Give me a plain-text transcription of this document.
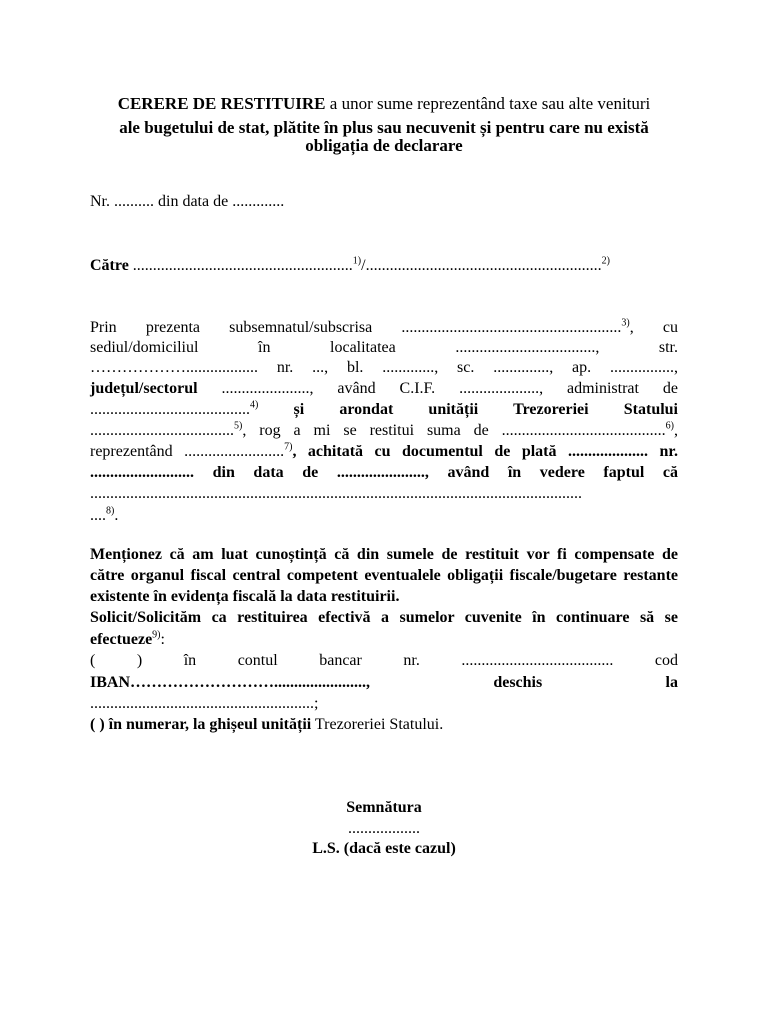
CERERE DE RESTITUIRE a unor sume reprezentând taxe sau alte venituri
ale bugetului de stat, plătite în plus sau necuvenit și pentru care nu există
obligația de declarare
Nr. .......... din data de .............
Către .......................................................$^{1)}$/...........................................................$^{2)}$
Prin prezenta subsemnatul/subscrisa .......................................................$^{3)}$, cu
sediul/domiciliul în localitatea ..................................., str.
……………….................. nr. ..., bl. ............., sc. .............., ap. ................,
județul/sectorul ......................, având C.I.F. ...................., administrat de
........................................$^{4)}$ și arondat unității Trezoreriei Statului
....................................$^{5)}$, rog a mi se restitui suma de .........................................$^{6)}$,
reprezentând .........................$^{7)}$, achitată cu documentul de plată .................... nr.
.......................... din data de ......................, având în vedere faptul că
...........................................................................................................................
....$^{8)}$.
Menționez că am luat cunoștință că din sumele de restituit vor fi compensate de
către organul fiscal central competent eventualele obligații fiscale/bugetare restante
existente în evidența fiscală la data restituirii.
Solicit/Solicităm ca restituirea efectivă a sumelor cuvenite în continuare să se
efectueze$^{9)}$:
( ) în contul bancar nr. ...................................... cod
IBAN………………………......................., deschis la
........................................................;
( ) în numerar, la ghișeul unității Trezoreriei Statului.
Semnătura
..................
L.S. (dacă este cazul)
